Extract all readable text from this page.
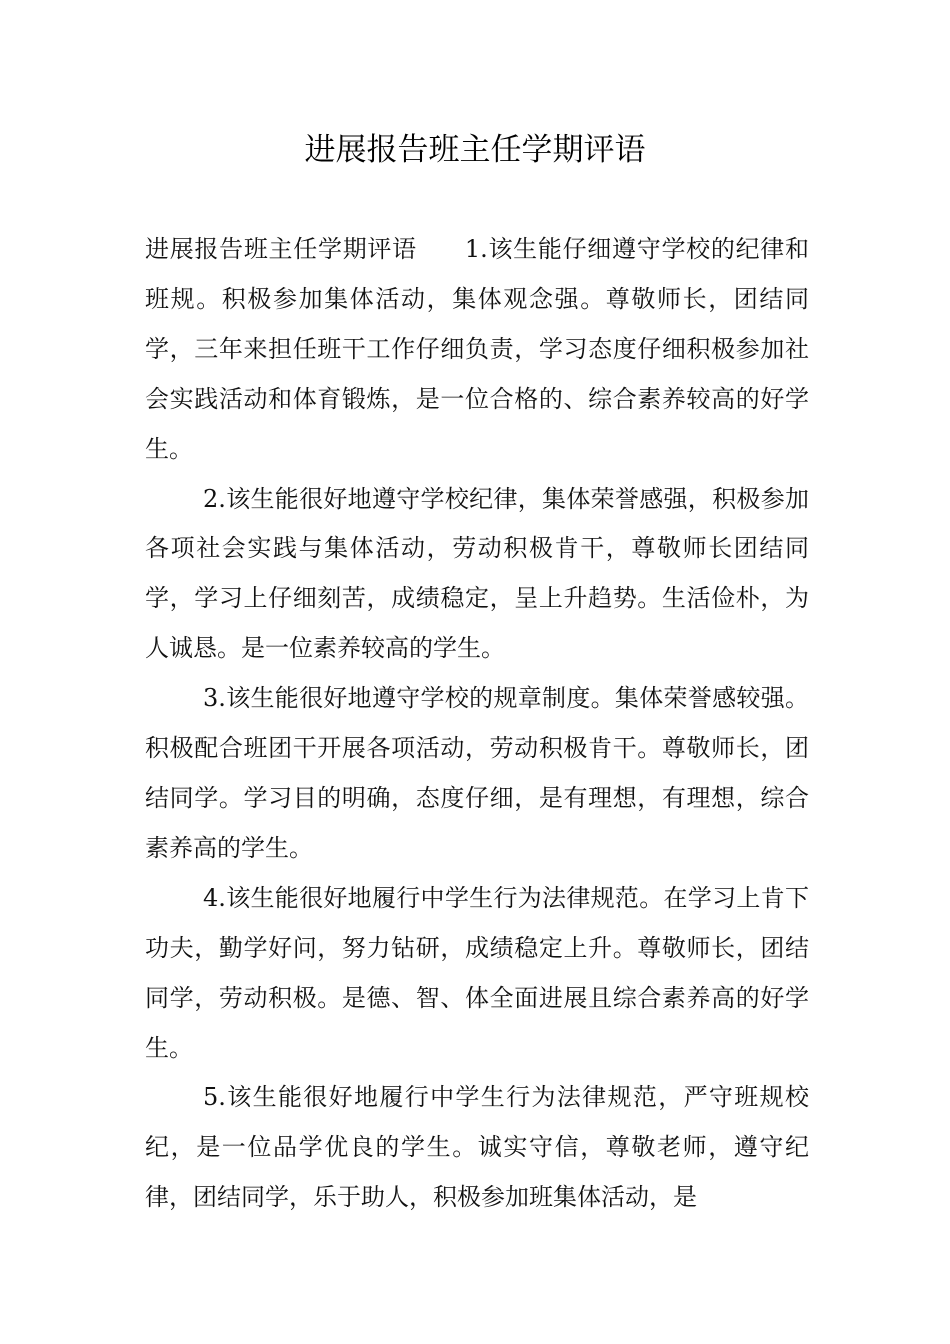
进展报告班主任学期评语

进展报告班主任学期评语 1.该生能仔细遵守学校的纪律和班规。积极参加集体活动，集体观念强。尊敬师长，团结同学，三年来担任班干工作仔细负责，学习态度仔细积极参加社会实践活动和体育锻炼，是一位合格的、综合素养较高的好学生。

2.该生能很好地遵守学校纪律，集体荣誉感强，积极参加各项社会实践与集体活动，劳动积极肯干，尊敬师长团结同学，学习上仔细刻苦，成绩稳定，呈上升趋势。生活俭朴，为人诚恳。是一位素养较高的学生。

3.该生能很好地遵守学校的规章制度。集体荣誉感较强。积极配合班团干开展各项活动，劳动积极肯干。尊敬师长，团结同学。学习目的明确，态度仔细，是有理想，有理想，综合素养高的学生。

4.该生能很好地履行中学生行为法律规范。在学习上肯下功夫，勤学好问，努力钻研，成绩稳定上升。尊敬师长，团结同学，劳动积极。是德、智、体全面进展且综合素养高的好学生。

5.该生能很好地履行中学生行为法律规范，严守班规校纪，是一位品学优良的学生。诚实守信，尊敬老师，遵守纪律，团结同学，乐于助人，积极参加班集体活动，是
